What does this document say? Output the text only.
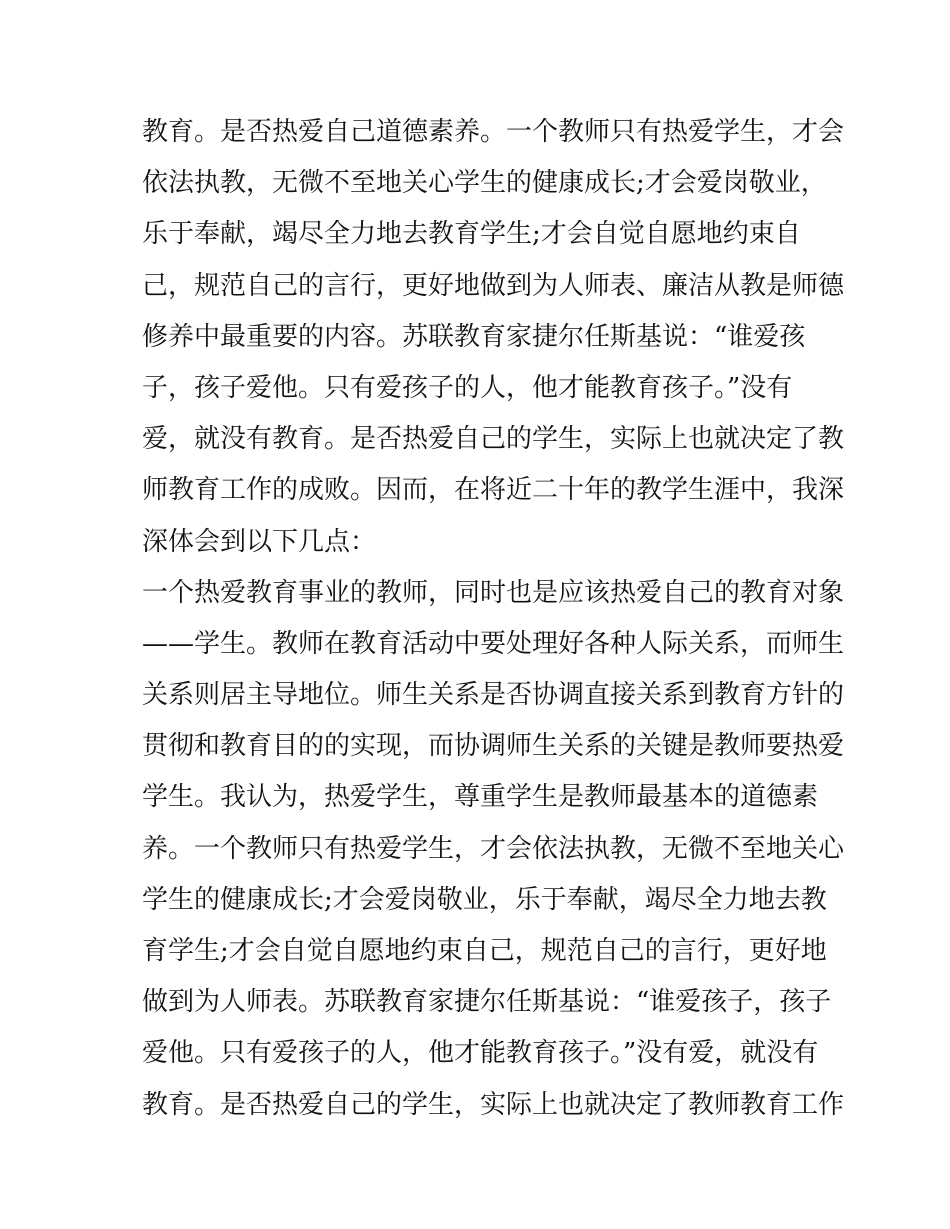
教育。是否热爱自己道德素养。一个教师只有热爱学生，才会
依法执教，无微不至地关心学生的健康成长;才会爱岗敬业，
乐于奉献，竭尽全力地去教育学生;才会自觉自愿地约束自
己，规范自己的言行，更好地做到为人师表、廉洁从教是师德
修养中最重要的内容。苏联教育家捷尔任斯基说：“谁爱孩
子，孩子爱他。只有爱孩子的人，他才能教育孩子。”没有
爱，就没有教育。是否热爱自己的学生，实际上也就决定了教
师教育工作的成败。因而，在将近二十年的教学生涯中，我深
深体会到以下几点：
一个热爱教育事业的教师，同时也是应该热爱自己的教育对象
——学生。教师在教育活动中要处理好各种人际关系，而师生
关系则居主导地位。师生关系是否协调直接关系到教育方针的
贯彻和教育目的的实现，而协调师生关系的关键是教师要热爱
学生。我认为，热爱学生，尊重学生是教师最基本的道德素
养。一个教师只有热爱学生，才会依法执教，无微不至地关心
学生的健康成长;才会爱岗敬业，乐于奉献，竭尽全力地去教
育学生;才会自觉自愿地约束自己，规范自己的言行，更好地
做到为人师表。苏联教育家捷尔任斯基说：“谁爱孩子，孩子
爱他。只有爱孩子的人，他才能教育孩子。”没有爱，就没有
教育。是否热爱自己的学生，实际上也就决定了教师教育工作
